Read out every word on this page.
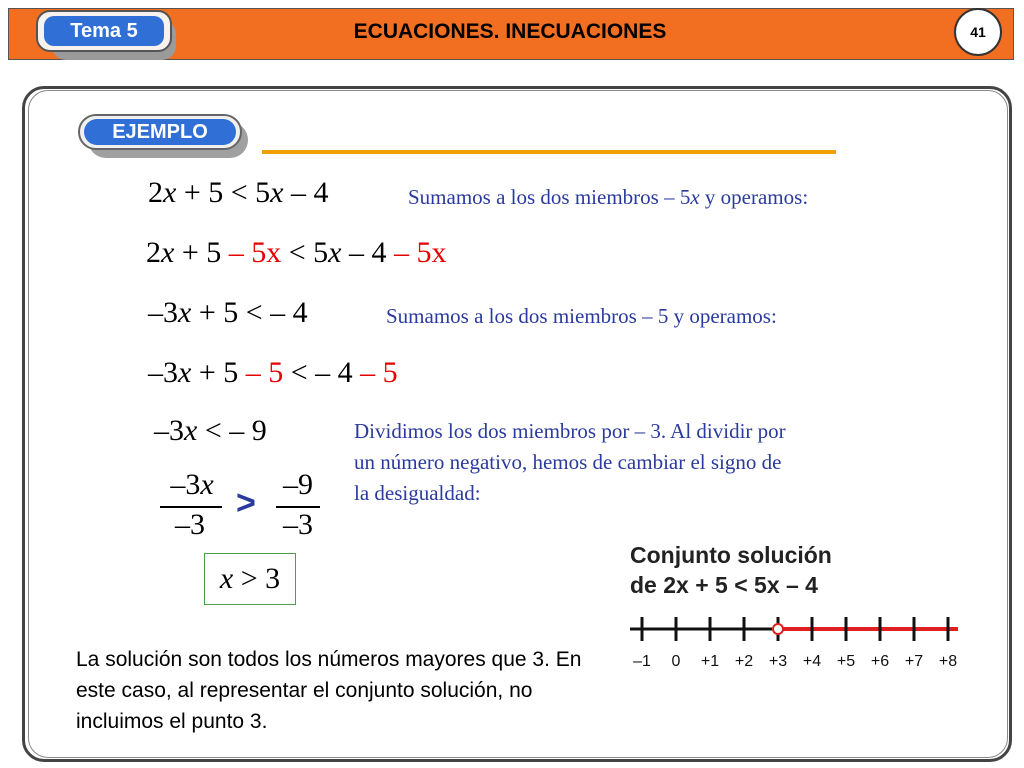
Tema 5	ECUACIONES. INECUACIONES	41
EJEMPLO
2x + 5 < 5x – 4	Sumamos a los dos miembros – 5x y operamos:
2x + 5 – 5x < 5x – 4 – 5x
–3x + 5 < – 4	Sumamos a los dos miembros – 5 y operamos:
–3x + 5 – 5 < – 4 – 5
–3x < – 9	Dividimos los dos miembros por – 3. Al dividir por un número negativo, hemos de cambiar el signo de la desigualdad:
–3x
–3
> –9
–3
x > 3
La solución son todos los números mayores que 3. En este caso, al representar el conjunto solución, no incluimos el punto 3.
Conjunto solución
de 2x + 5 < 5x – 4
–1 0 +1 +2 +3 +4 +5 +6 +7 +8
